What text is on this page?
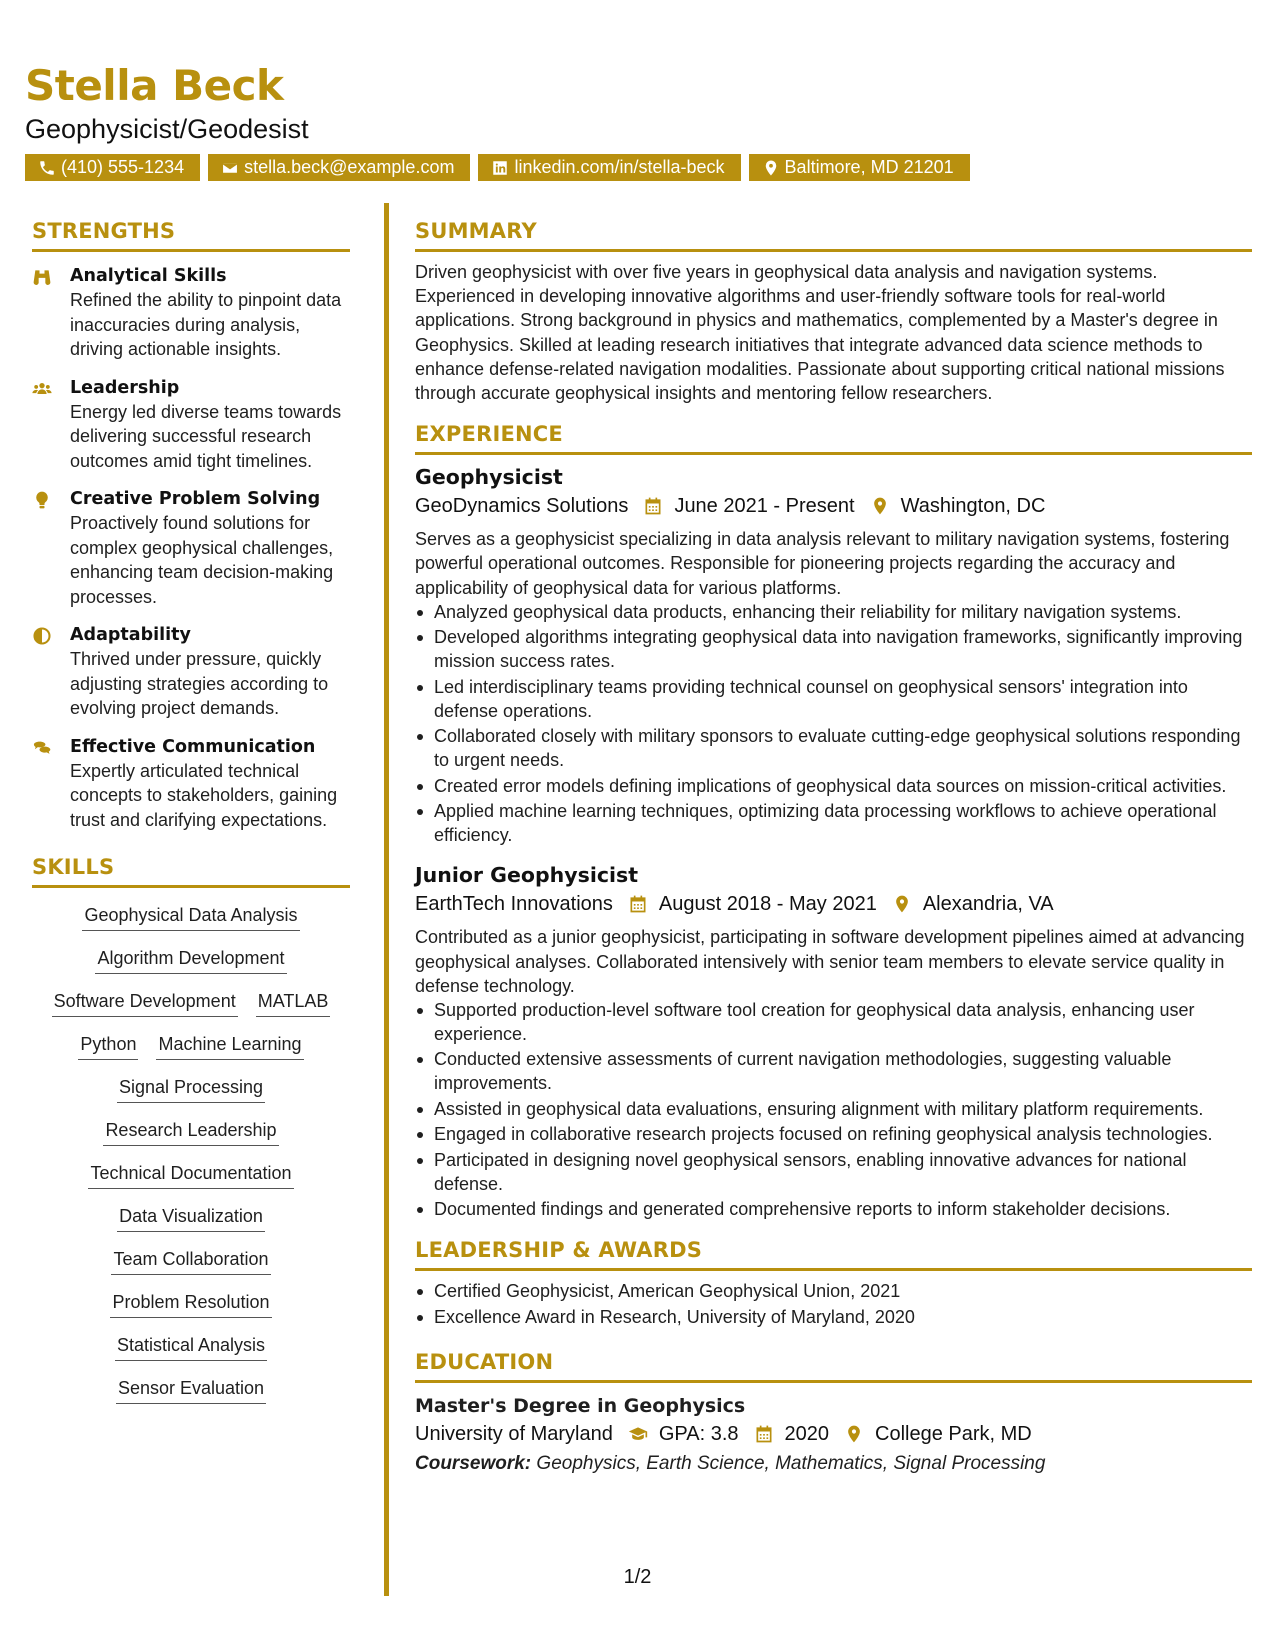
Stella Beck
Geophysicist/Geodesist
(410) 555-1234	stella.beck@example.com	linkedin.com/in/stella-beck	Baltimore, MD 21201
STRENGTHS
Analytical Skills
Refined the ability to pinpoint data inaccuracies during analysis, driving actionable insights.
Leadership
Energy led diverse teams towards delivering successful research outcomes amid tight timelines.
Creative Problem Solving
Proactively found solutions for complex geophysical challenges, enhancing team decision-making processes.
Adaptability
Thrived under pressure, quickly adjusting strategies according to evolving project demands.
Effective Communication
Expertly articulated technical concepts to stakeholders, gaining trust and clarifying expectations.
SKILLS
Geophysical Data Analysis
Algorithm Development
Software Development MATLAB
Python Machine Learning
Signal Processing
Research Leadership
Technical Documentation
Data Visualization
Team Collaboration
Problem Resolution
Statistical Analysis
Sensor Evaluation
SUMMARY

Driven geophysicist with over five years in geophysical data analysis and navigation systems. Experienced in developing innovative algorithms and user-friendly software tools for real-world applications. Strong background in physics and mathematics, complemented by a Master's degree in Geophysics. Skilled at leading research initiatives that integrate advanced data science methods to enhance defense-related navigation modalities. Passionate about supporting critical national missions through accurate geophysical insights and mentoring fellow researchers.

EXPERIENCE
Geophysicist
GeoDynamics Solutions June 2021 - Present Washington, DC
Serves as a geophysicist specializing in data analysis relevant to military navigation systems, fostering powerful operational outcomes. Responsible for pioneering projects regarding the accuracy and applicability of geophysical data for various platforms.
Analyzed geophysical data products, enhancing their reliability for military navigation systems.
Developed algorithms integrating geophysical data into navigation frameworks, significantly improving mission success rates.
Led interdisciplinary teams providing technical counsel on geophysical sensors' integration into defense operations.
Collaborated closely with military sponsors to evaluate cutting-edge geophysical solutions responding to urgent needs.
Created error models defining implications of geophysical data sources on mission-critical activities.
Applied machine learning techniques, optimizing data processing workflows to achieve operational efficiency.
Junior Geophysicist
EarthTech Innovations August 2018 - May 2021 Alexandria, VA
Contributed as a junior geophysicist, participating in software development pipelines aimed at advancing geophysical analyses. Collaborated intensively with senior team members to elevate service quality in defense technology.
Supported production-level software tool creation for geophysical data analysis, enhancing user experience.
Conducted extensive assessments of current navigation methodologies, suggesting valuable improvements.
Assisted in geophysical data evaluations, ensuring alignment with military platform requirements.
Engaged in collaborative research projects focused on refining geophysical analysis technologies.
Participated in designing novel geophysical sensors, enabling innovative advances for national defense.
Documented findings and generated comprehensive reports to inform stakeholder decisions.
LEADERSHIP & AWARDS
Certified Geophysicist, American Geophysical Union, 2021
Excellence Award in Research, University of Maryland, 2020
EDUCATION
Master's Degree in Geophysics
University of Maryland GPA: 3.8 2020 College Park, MD
Coursework: Geophysics, Earth Science, Mathematics, Signal Processing
1/2
